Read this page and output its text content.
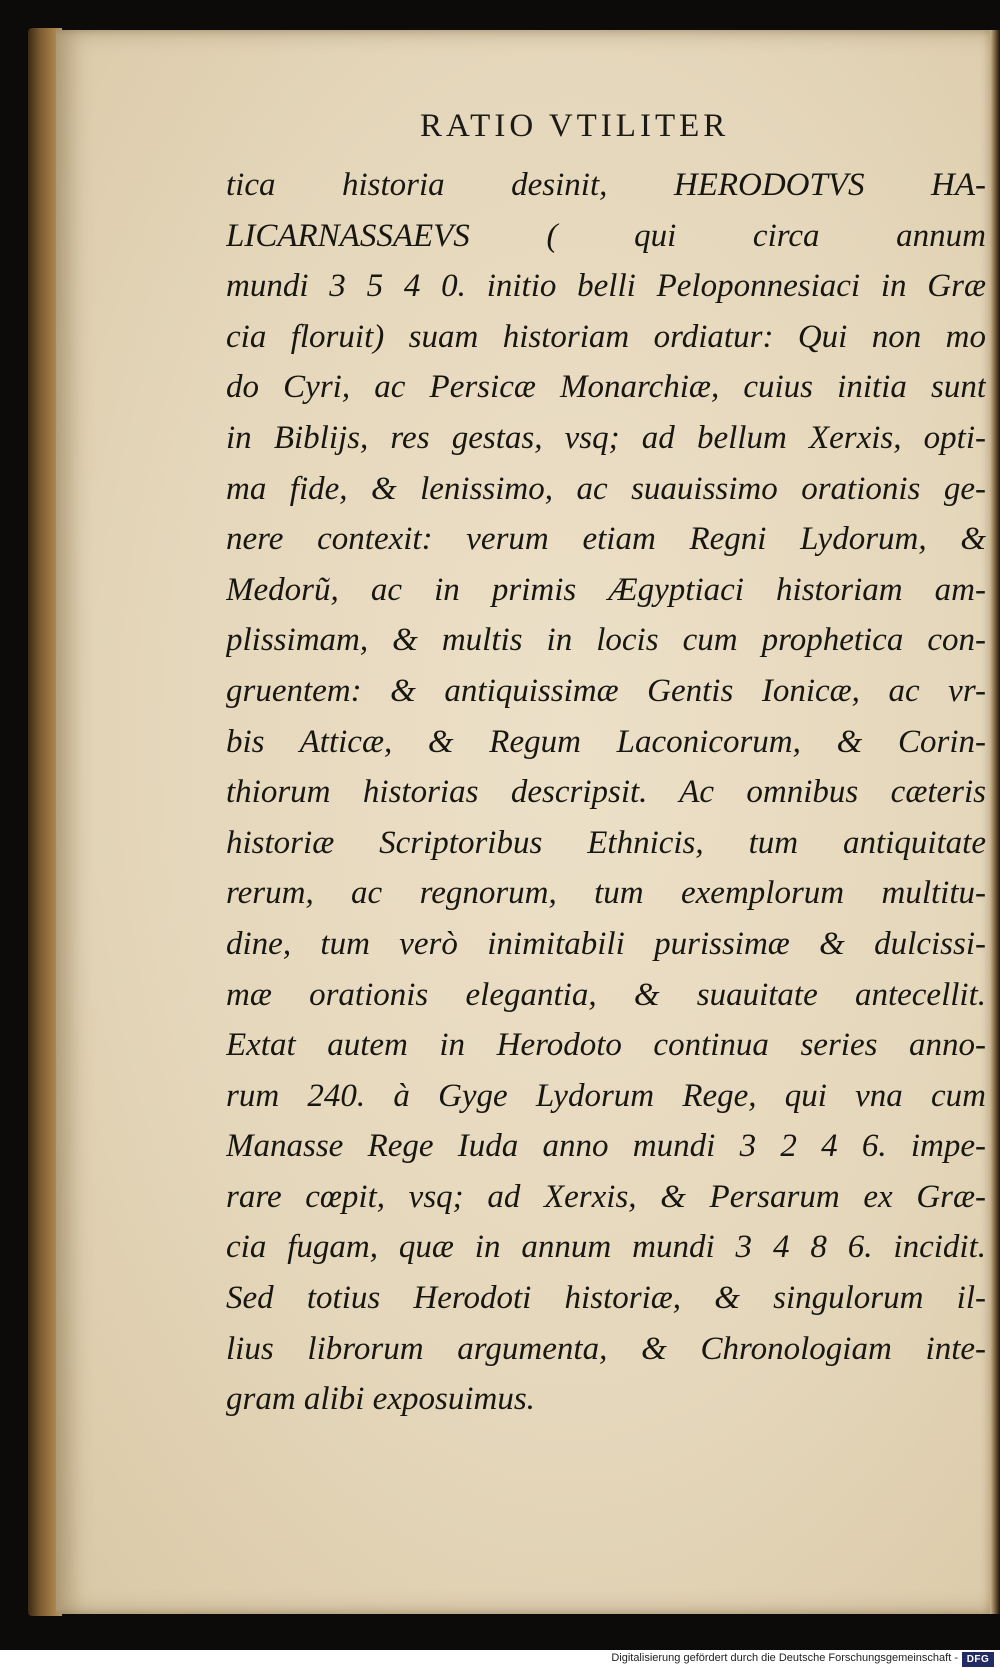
RATIO VTILITER
tica historia desinit, HERODOTVS HA-
LICARNASSAEVS ( qui circa annum
mundi 3 5 4 0. initio belli Peloponnesiaci in Græ
cia floruit) suam historiam ordiatur: Qui non mo
do Cyri, ac Persicæ Monarchiæ, cuius initia sunt
in Biblijs, res gestas, vsq; ad bellum Xerxis, opti-
ma fide, & lenissimo, ac suauissimo orationis ge-
nere contexit: verum etiam Regni Lydorum, &
Medorũ, ac in primis Ægyptiaci historiam am-
plissimam, & multis in locis cum prophetica con-
gruentem: & antiquissimæ Gentis Ionicæ, ac vr-
bis Atticæ, & Regum Laconicorum, & Corin-
thiorum historias descripsit. Ac omnibus cæteris
historiæ Scriptoribus Ethnicis, tum antiquitate
rerum, ac regnorum, tum exemplorum multitu-
dine, tum verò inimitabili purissimæ & dulcissi-
mæ orationis elegantia, & suauitate antecellit.
Extat autem in Herodoto continua series anno-
rum 240. à Gyge Lydorum Rege, qui vna cum
Manasse Rege Iuda anno mundi 3 2 4 6. impe-
rare cœpit, vsq; ad Xerxis, & Persarum ex Græ-
cia fugam, quæ in annum mundi 3 4 8 6. incidit.
Sed totius Herodoti historiæ, & singulorum il-
lius librorum argumenta, & Chronologiam inte-
gram alibi exposuimus.
Digitalisierung gefördert durch die Deutsche Forschungsgemeinschaft - DFG
